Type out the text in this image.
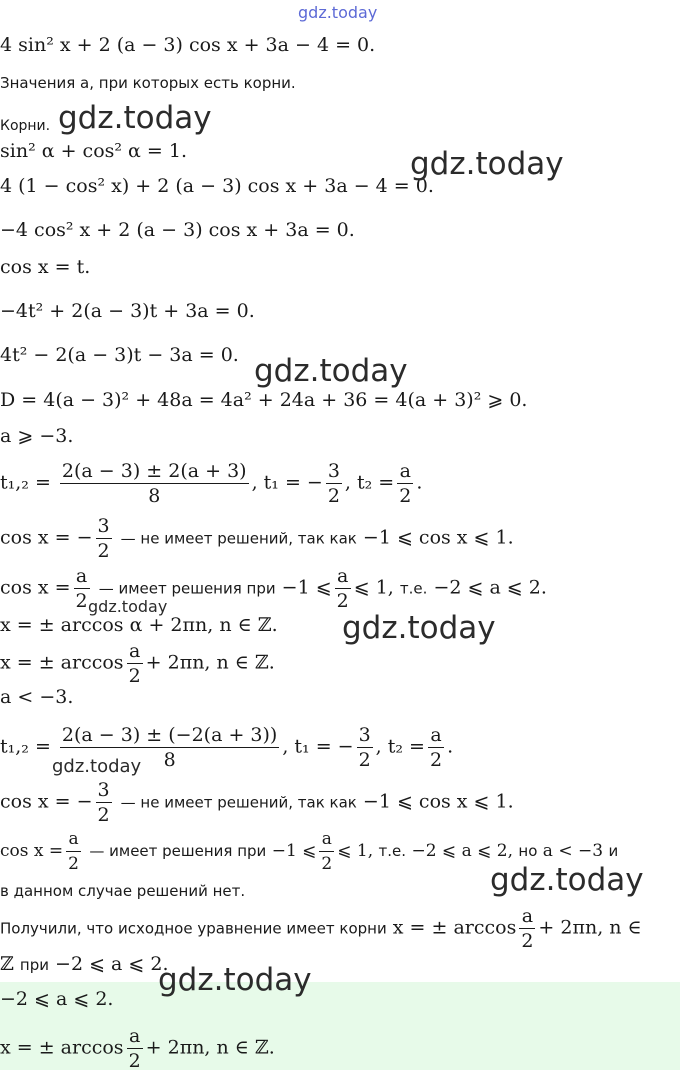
gdz.today
4 sin² x + 2 (a − 3) cos x + 3a − 4 = 0.
Значения a, при которых есть корни.
Корни.
sin² α + cos² α = 1.
4 (1 − cos² x) + 2 (a − 3) cos x + 3a − 4 = 0.
−4 cos² x + 2 (a − 3) cos x + 3a = 0.
cos x = t.
−4t² + 2(a − 3)t + 3a = 0.
4t² − 2(a − 3)t − 3a = 0.
D = 4(a − 3)² + 48a = 4a² + 24a + 36 = 4(a + 3)² ⩾ 0.
a ⩾ −3.
$t_1,_2 = \frac{2(a - 3) \pm 2(a + 3)}{8}$ , t₁ = − $\frac{3}{2}$ , $t_2 = \frac{a}{2}$ .
cos x = − $\frac{3}{2}$ — не имеет решений, так как −1 ⩽ cos x ⩽ 1.
$\cos x = \frac{a}{2}$ — имеет решения при −1 ⩽ $\frac{a}{2}$ ⩽ 1, т.е. −2 ⩽ a ⩽ 2.
x = ± arccos α + 2πn, n ∈ ℤ.
x = ± $\arccos \frac{a}{2} + 2\pi n$, n ∈ ℤ.
a < −3.
$t_1,_2 = \frac{2(a - 3) \pm (-2(a + 3))}{8}$ , t₁ = − $\frac{3}{2}$ , $t_2 = \frac{a}{2}$ .
cos x = − $\frac{3}{2}$ — не имеет решений, так как −1 ⩽ cos x ⩽ 1.
$\cos x = \frac{a}{2}$ — имеет решения при −1 ⩽ $\frac{a}{2}$ ⩽ 1, т.е. −2 ⩽ a ⩽ 2, но a < −3 и
в данном случае решений нет.
Получили, что исходное уравнение имеет корни x = ± $\arccos \frac{a}{2} + 2\pi n$, n ∈
ℤ при −2 ⩽ a ⩽ 2.
−2 ⩽ a ⩽ 2.
x = ± $\arccos \frac{a}{2} + 2\pi n$, n ∈ ℤ.
gdz.today
gdz.today
gdz.today
gdz.today
gdz.today
gdz.today
gdz.today
gdz.today
